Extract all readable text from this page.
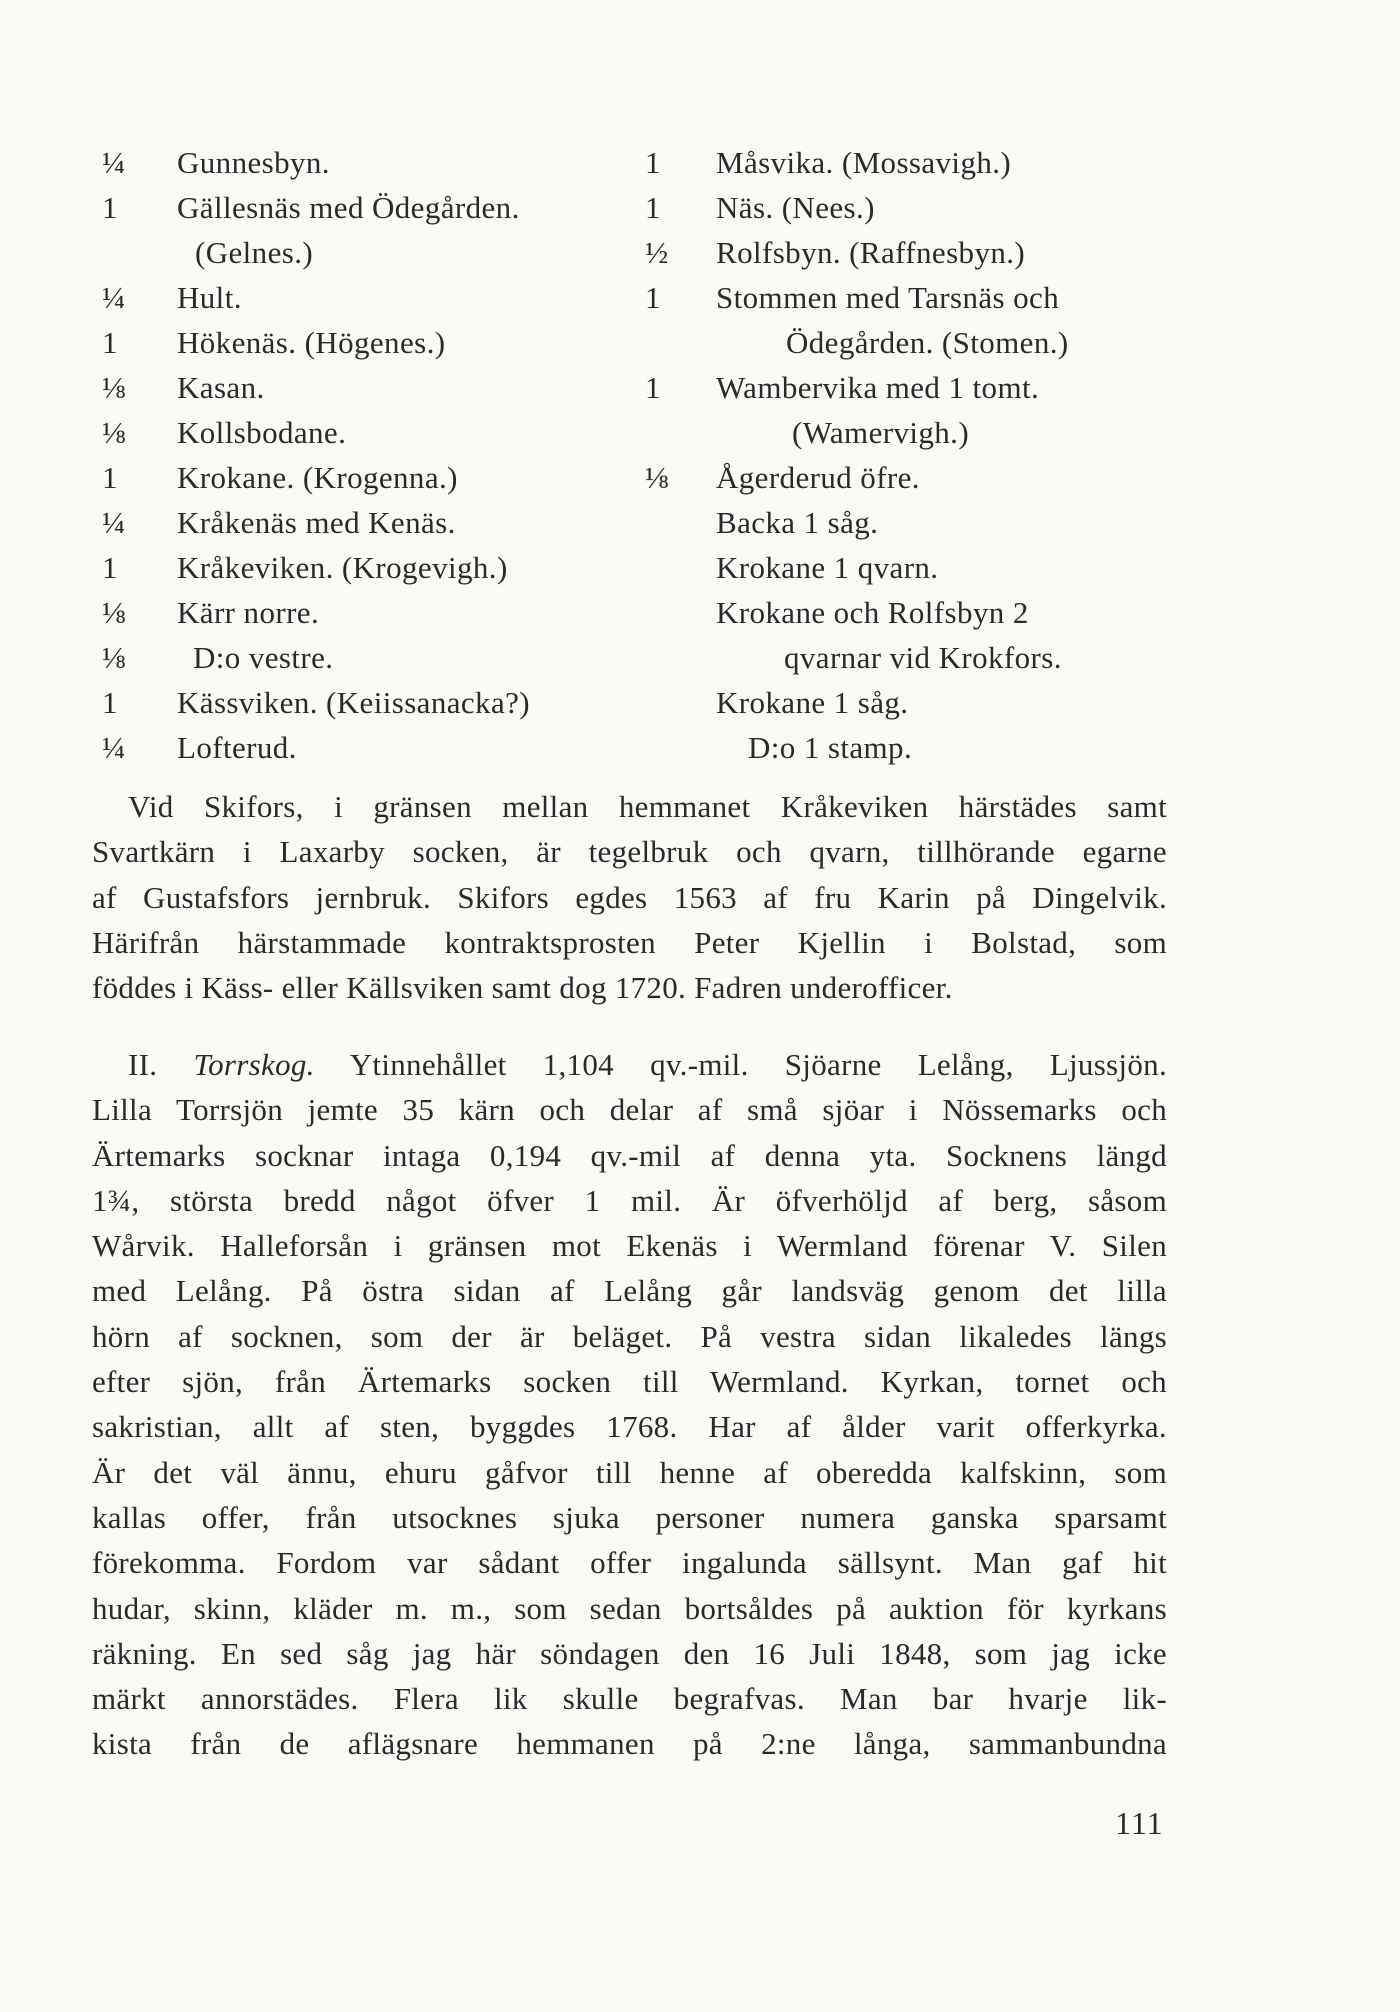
¼	Gunnesbyn.
1	Gällesnäs med Ödegården.
(Gelnes.)
¼	Hult.
1	Hökenäs. (Högenes.)
⅛	Kasan.
⅛	Kollsbodane.
1	Krokane. (Krogenna.)
¼	Kråkenäs med Kenäs.
1	Kråkeviken. (Krogevigh.)
⅛	Kärr norre.
⅛	D:o vestre.
1	Kässviken. (Keiissanacka?)
¼	Lofterud.
1	Måsvika. (Mossavigh.)
1	Näs. (Nees.)
½	Rolfsbyn. (Raffnesbyn.)
1	Stommen med Tarsnäs och
Ödegården. (Stomen.)
1	Wambervika med 1 tomt.
(Wamervigh.)
⅛	Ågerderud öfre.
Backa 1 såg.
Krokane 1 qvarn.
Krokane och Rolfsbyn 2
qvarnar vid Krokfors.
Krokane 1 såg.
D:o 1 stamp.
Vid Skifors, i gränsen mellan hemmanet Kråkeviken härstädes samt
Svartkärn i Laxarby socken, är tegelbruk och qvarn, tillhörande egarne
af Gustafsfors jernbruk. Skifors egdes 1563 af fru Karin på Dingelvik.
Härifrån härstammade kontraktsprosten Peter Kjellin i Bolstad, som
föddes i Käss- eller Källsviken samt dog 1720. Fadren underofficer.
II. Torrskog. Ytinnehållet 1,104 qv.-mil. Sjöarne Lelång, Ljussjön.
Lilla Torrsjön jemte 35 kärn och delar af små sjöar i Nössemarks och
Ärtemarks socknar intaga 0,194 qv.-mil af denna yta. Socknens längd
1¾, största bredd något öfver 1 mil. Är öfverhöljd af berg, såsom
Wårvik. Halleforsån i gränsen mot Ekenäs i Wermland förenar V. Silen
med Lelång. På östra sidan af Lelång går landsväg genom det lilla
hörn af socknen, som der är beläget. På vestra sidan likaledes längs
efter sjön, från Ärtemarks socken till Wermland. Kyrkan, tornet och
sakristian, allt af sten, byggdes 1768. Har af ålder varit offerkyrka.
Är det väl ännu, ehuru gåfvor till henne af oberedda kalfskinn, som
kallas offer, från utsocknes sjuka personer numera ganska sparsamt
förekomma. Fordom var sådant offer ingalunda sällsynt. Man gaf hit
hudar, skinn, kläder m. m., som sedan bortsåldes på auktion för kyrkans
räkning. En sed såg jag här söndagen den 16 Juli 1848, som jag icke
märkt annorstädes. Flera lik skulle begrafvas. Man bar hvarje lik-
kista från de aflägsnare hemmanen på 2:ne långa, sammanbundna
111
